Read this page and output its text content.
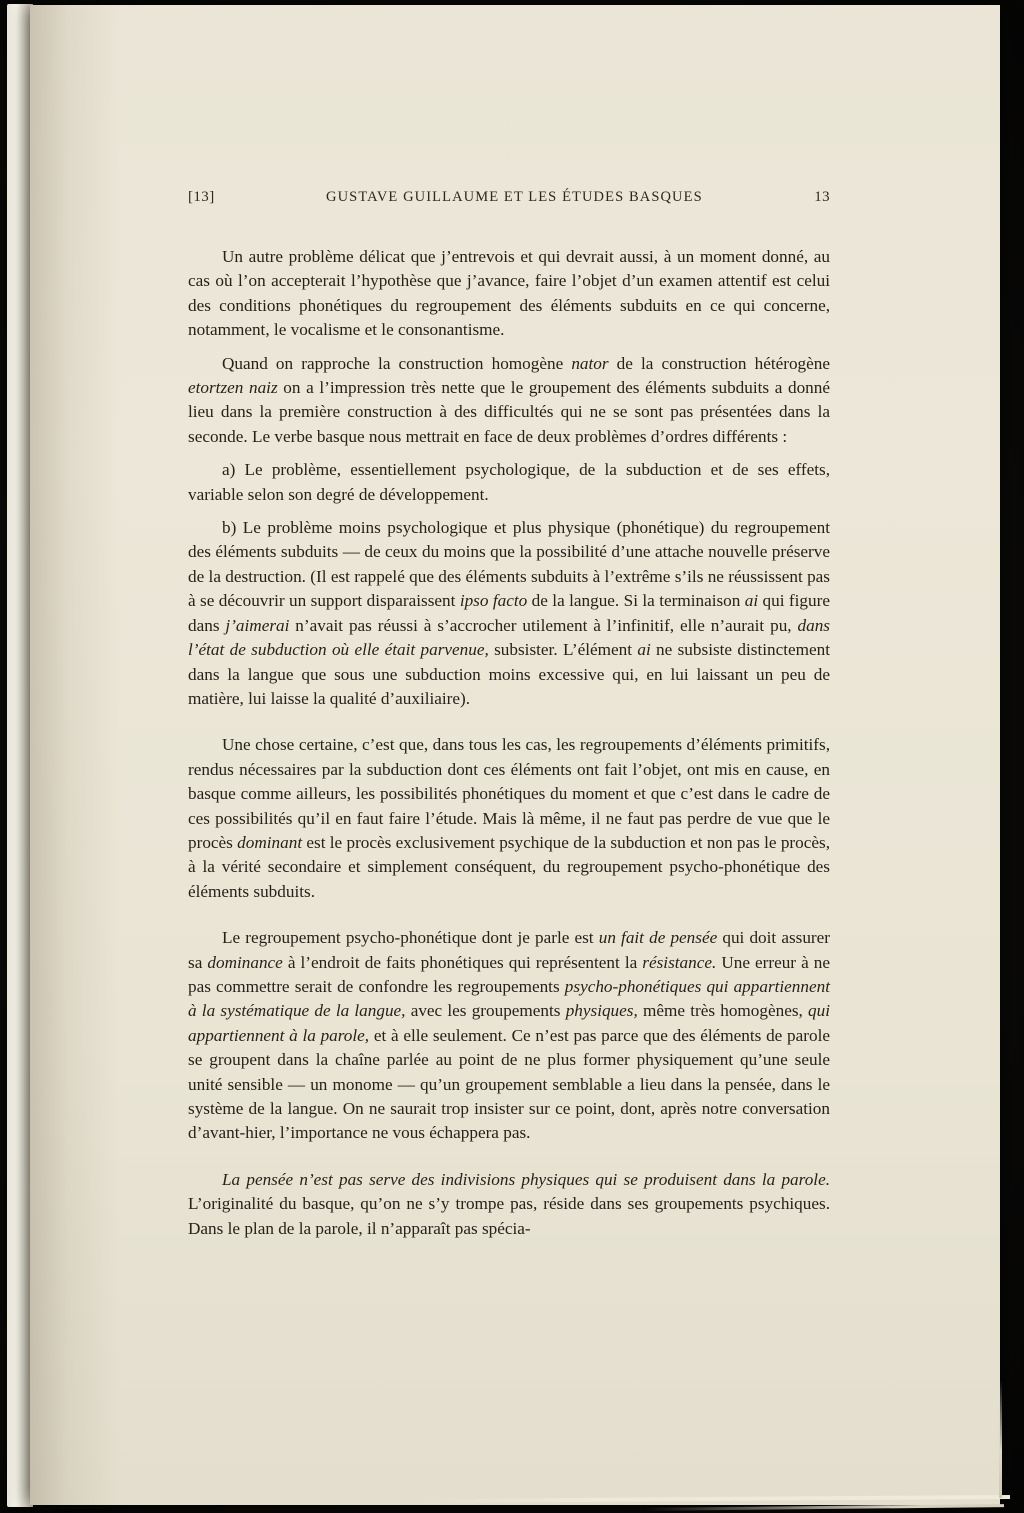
[13]	GUSTAVE GUILLAUME ET LES ÉTUDES BASQUES	13

Un autre problème délicat que j’entrevois et qui devrait aussi, à un moment donné, au cas où l’on accepterait l’hypothèse que j’avance, faire l’objet d’un examen attentif est celui des conditions phonétiques du regroupement des éléments subduits en ce qui concerne, notamment, le vocalisme et le consonantisme.

Quand on rapproche la construction homogène nator de la construction hétérogène etortzen naiz on a l’impression très nette que le groupement des éléments subduits a donné lieu dans la première construction à des difficultés qui ne se sont pas présentées dans la seconde. Le verbe basque nous mettrait en face de deux problèmes d’ordres différents :

a) Le problème, essentiellement psychologique, de la subduction et de ses effets, variable selon son degré de développement.

b) Le problème moins psychologique et plus physique (phonétique) du regroupement des éléments subduits — de ceux du moins que la possibilité d’une attache nouvelle préserve de la destruction. (Il est rappelé que des éléments subduits à l’extrême s’ils ne réussissent pas à se découvrir un support disparaissent ipso facto de la langue. Si la terminaison ai qui figure dans j’aimerai n’avait pas réussi à s’accrocher utilement à l’infinitif, elle n’aurait pu, dans l’état de subduction où elle était parvenue, subsister. L’élément ai ne subsiste distinctement dans la langue que sous une subduction moins excessive qui, en lui laissant un peu de matière, lui laisse la qualité d’auxiliaire).

Une chose certaine, c’est que, dans tous les cas, les regroupements d’éléments primitifs, rendus nécessaires par la subduction dont ces éléments ont fait l’objet, ont mis en cause, en basque comme ailleurs, les possibilités phonétiques du moment et que c’est dans le cadre de ces possibilités qu’il en faut faire l’étude. Mais là même, il ne faut pas perdre de vue que le procès dominant est le procès exclusivement psychique de la subduction et non pas le procès, à la vérité secondaire et simplement conséquent, du regroupement psycho-phonétique des éléments subduits.

Le regroupement psycho-phonétique dont je parle est un fait de pensée qui doit assurer sa dominance à l’endroit de faits phonétiques qui représentent la résistance. Une erreur à ne pas commettre serait de confondre les regroupements psycho-phonétiques qui appartiennent à la systématique de la langue, avec les groupements physiques, même très homogènes, qui appartiennent à la parole, et à elle seulement. Ce n’est pas parce que des éléments de parole se groupent dans la chaîne parlée au point de ne plus former physiquement qu’une seule unité sensible — un monome — qu’un groupement semblable a lieu dans la pensée, dans le système de la langue. On ne saurait trop insister sur ce point, dont, après notre conversation d’avant-hier, l’importance ne vous échappera pas.

La pensée n’est pas serve des indivisions physiques qui se produisent dans la parole. L’originalité du basque, qu’on ne s’y trompe pas, réside dans ses groupements psychiques. Dans le plan de la parole, il n’apparaît pas spécia-
